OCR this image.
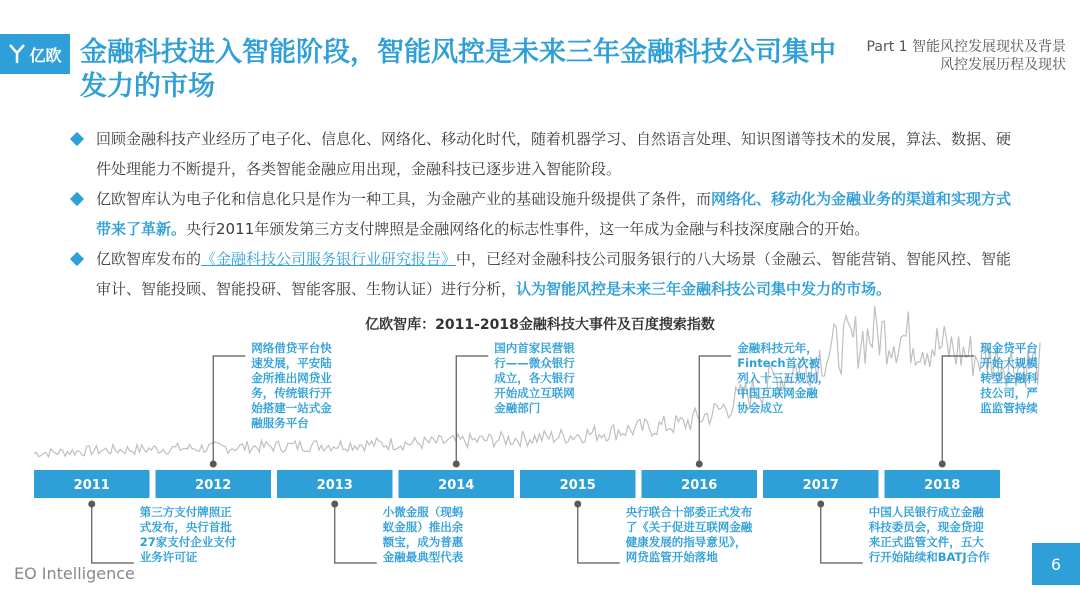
亿欧 金融科技进入智能阶段，智能风控是未来三年金融科技公司集中发力的市场
Part 1 智能风控发展现状及背景
风控发展历程及现状
回顾金融科技产业经历了电子化、信息化、网络化、移动化时代，随着机器学习、自然语言处理、知识图谱等技术的发展，算法、数据、硬件处理能力不断提升，各类智能金融应用出现，金融科技已逐步进入智能阶段。
亿欧智库认为电子化和信息化只是作为一种工具，为金融产业的基础设施升级提供了条件，而网络化、移动化为金融业务的渠道和实现方式带来了革新。央行2011年颁发第三方支付牌照是金融网络化的标志性事件，这一年成为金融与科技深度融合的开始。
亿欧智库发布的《金融科技公司服务银行业研究报告》中，已经对金融科技公司服务银行的八大场景（金融云、智能营销、智能风控、智能审计、智能投顾、智能投研、智能客服、生物认证）进行分析，认为智能风控是未来三年金融科技公司集中发力的市场。
亿欧智库：2011-2018金融科技大事件及百度搜索指数
2011	2012	2013	2014	2015	2016	2017	2018
网络借贷平台快速发展，平安陆金所推出网贷业务，传统银行开始搭建一站式金融服务平台
国内首家民营银行——微众银行成立，各大银行开始成立互联网金融部门
金融科技元年， Fintech首次被列入十三五规划，中国互联网金融协会成立
现金贷平台开始大规模转型金融科技公司，严监监管持续
第三方支付牌照正式发布，央行首批 27家支付企业支付业务许可证
小微金服（现蚂蚁金服）推出余额宝，成为普惠金融最典型代表
央行联合十部委正式发布了《关于促进互联网金融健康发展的指导意见》，网贷监管开始落地
中国人民银行成立金融科技委员会，现金贷迎来正式监管文件，五大行开始陆续和BATJ合作
EO Intelligence	6
